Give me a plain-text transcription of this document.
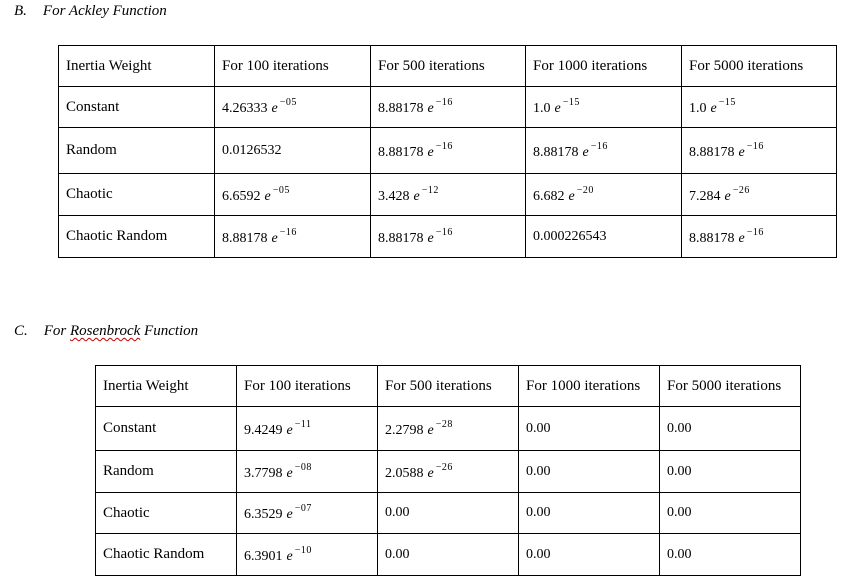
B. For Ackley Function
Inertia Weight	For 100 iterations	For 500 iterations	For 1000 iterations	For 5000 iterations
Constant	4.26333 e $^{-05}$	8.88178 e $^{-16}$	1.0 e $^{-15}$	1.0 e $^{-15}$
Random	0.0126532	8.88178 e $^{-16}$	8.88178 e $^{-16}$	8.88178 e $^{-16}$
Chaotic	6.6592 e $^{-05}$	3.428 e $^{-12}$	6.682 e $^{-20}$	7.284 e $^{-26}$
Chaotic Random	8.88178 e $^{-16}$	8.88178 e $^{-16}$	0.000226543	8.88178 e $^{-16}$
C. For Rosenbrock Function
Inertia Weight	For 100 iterations	For 500 iterations	For 1000 iterations	For 5000 iterations
Constant	9.4249 e $^{-11}$	2.2798 e $^{-28}$	0.00	0.00
Random	3.7798 e $^{-08}$	2.0588 e $^{-26}$	0.00	0.00
Chaotic	6.3529 e $^{-07}$	0.00	0.00	0.00
Chaotic Random	6.3901 e $^{-10}$	0.00	0.00	0.00
